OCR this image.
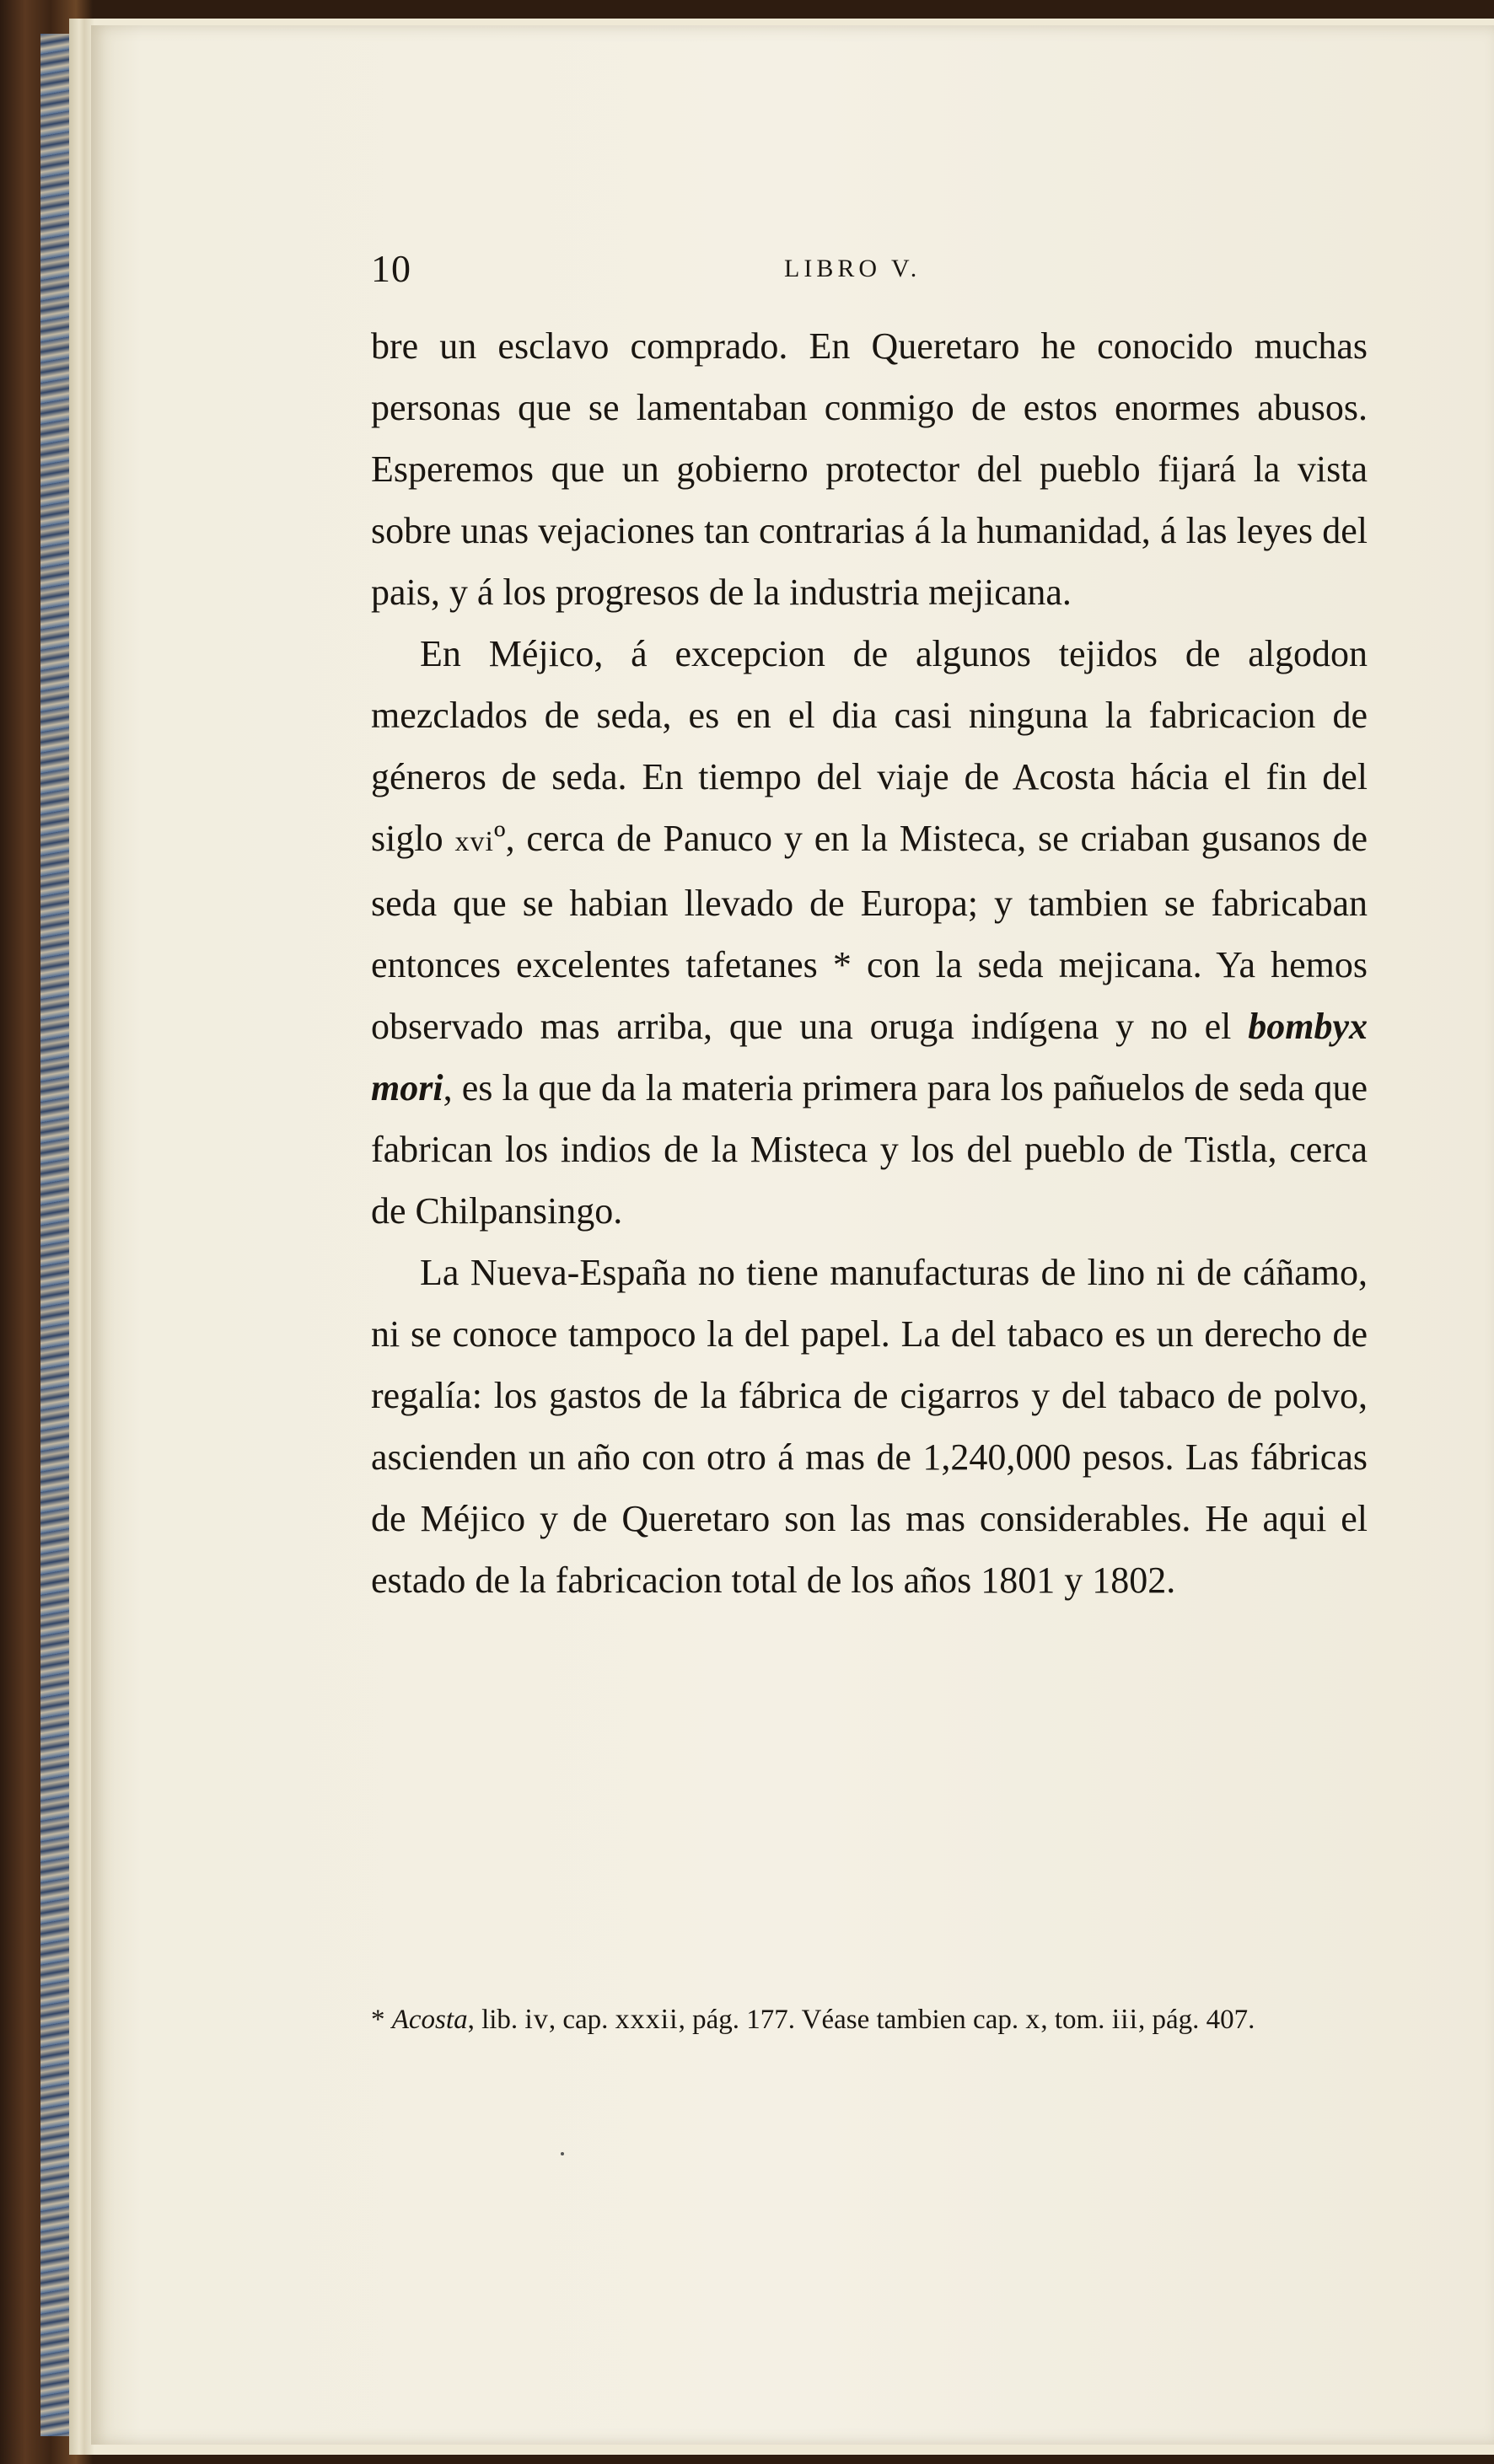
10	LIBRO V.

bre un esclavo comprado. En Queretaro he conocido muchas personas que se lamentaban conmigo de estos enormes abusos. Esperemos que un gobierno protector del pueblo fijará la vista sobre unas vejaciones tan contrarias á la humanidad, á las leyes del pais, y á los progresos de la industria mejicana.

En Méjico, á excepcion de algunos tejidos de algodon mezclados de seda, es en el dia casi ninguna la fabricacion de géneros de seda. En tiempo del viaje de Acosta hácia el fin del siglo xviº, cerca de Panuco y en la Misteca, se criaban gusanos de seda que se habian llevado de Europa; y tambien se fabricaban entonces excelentes tafetanes * con la seda mejicana. Ya hemos observado mas arriba, que una oruga indígena y no el bombyx mori, es la que da la materia primera para los pañuelos de seda que fabrican los indios de la Misteca y los del pueblo de Tistla, cerca de Chilpansingo.

La Nueva-España no tiene manufacturas de lino ni de cáñamo, ni se conoce tampoco la del papel. La del tabaco es un derecho de regalía: los gastos de la fábrica de cigarros y del tabaco de polvo, ascienden un año con otro á mas de 1,240,000 pesos. Las fábricas de Méjico y de Queretaro son las mas considerables. He aqui el estado de la fabricacion total de los años 1801 y 1802.

* Acosta, lib. iv, cap. xxxii, pág. 177. Véase tambien cap. x, tom. iii, pág. 407.
